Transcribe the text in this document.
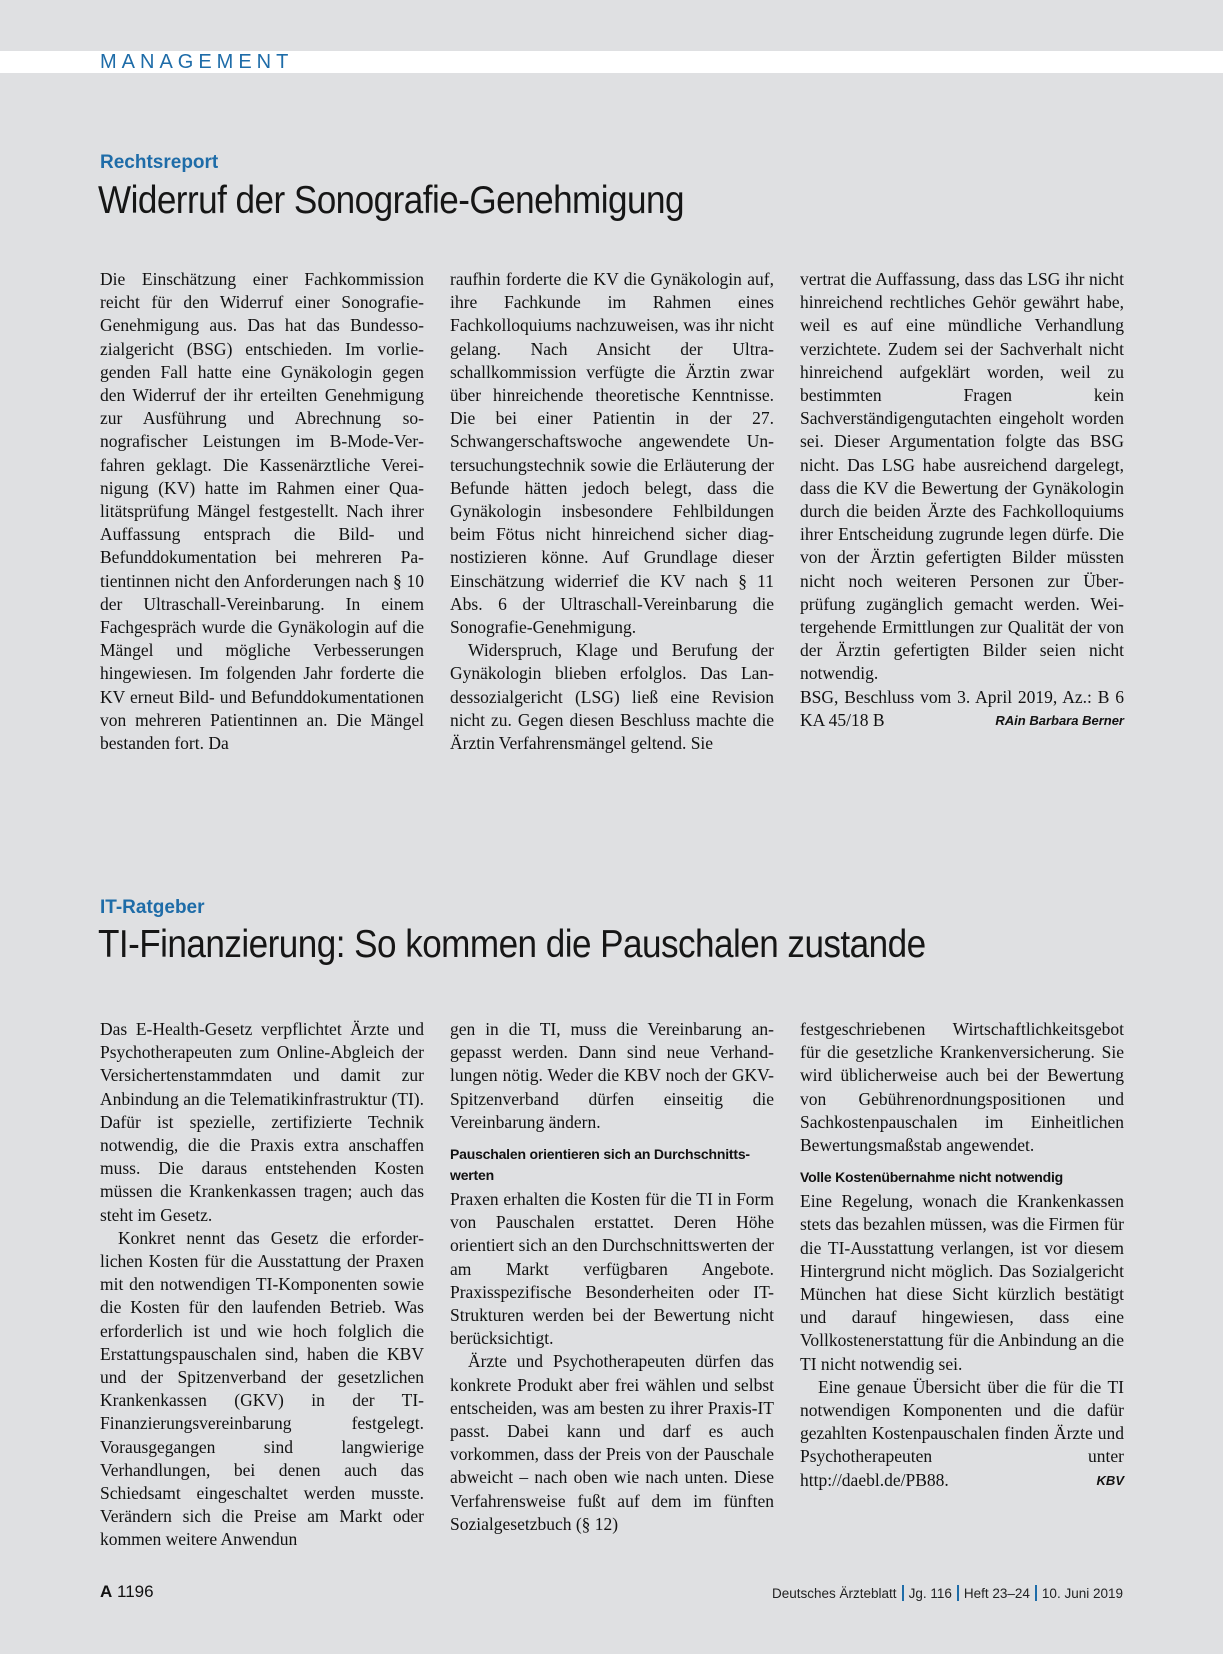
MANAGEMENT

Rechtsreport

Widerruf der Sonografie-Genehmigung

Die Einschätzung einer Fachkommission reicht für den Widerruf einer Sonografie-Genehmigung aus. Das hat das Bundessozialgericht (BSG) entschieden. Im vorliegenden Fall hatte eine Gynäkologin gegen den Widerruf der ihr erteilten Genehmigung zur Ausführung und Abrechnung sonografischer Leistungen im B-Mode-Verfahren geklagt. Die Kassenärztliche Vereinigung (KV) hatte im Rahmen einer Qualitätsprüfung Mängel festgestellt. Nach ihrer Auffassung entsprach die Bild- und Befunddokumentation bei mehreren Patientinnen nicht den Anforderungen nach § 10 der Ultraschall-Vereinbarung. In einem Fachgespräch wurde die Gynäkologin auf die Mängel und mögliche Verbesserungen hingewiesen. Im folgenden Jahr forderte die KV erneut Bild- und Befunddokumentationen von mehreren Patientinnen an. Die Mängel bestanden fort. Da

raufhin forderte die KV die Gynäkologin auf, ihre Fachkunde im Rahmen eines Fachkolloquiums nachzuweisen, was ihr nicht gelang. Nach Ansicht der Ultraschallkommission verfügte die Ärztin zwar über hinreichende theoretische Kenntnisse. Die bei einer Patientin in der 27. Schwangerschaftswoche angewendete Untersuchungstechnik sowie die Erläuterung der Befunde hätten jedoch belegt, dass die Gynäkologin insbesondere Fehlbildungen beim Fötus nicht hinreichend sicher diagnostizieren könne. Auf Grundlage dieser Einschätzung widerrief die KV nach § 11 Abs. 6 der Ultraschall-Vereinbarung die Sonografie-Genehmigung.

Widerspruch, Klage und Berufung der Gynäkologin blieben erfolglos. Das Landessozialgericht (LSG) ließ eine Revision nicht zu. Gegen diesen Beschluss machte die Ärztin Verfahrensmängel geltend. Sie

vertrat die Auffassung, dass das LSG ihr nicht hinreichend rechtliches Gehör gewährt habe, weil es auf eine mündliche Verhandlung verzichtete. Zudem sei der Sachverhalt nicht hinreichend aufgeklärt worden, weil zu bestimmten Fragen kein Sachverständigengutachten eingeholt worden sei. Dieser Argumentation folgte das BSG nicht. Das LSG habe ausreichend dargelegt, dass die KV die Bewertung der Gynäkologin durch die beiden Ärzte des Fachkolloquiums ihrer Entscheidung zugrunde legen dürfe. Die von der Ärztin gefertigten Bilder müssten nicht noch weiteren Personen zur Überprüfung zugänglich gemacht werden. Weitergehende Ermittlungen zur Qualität der von der Ärztin gefertigten Bilder seien nicht notwendig.

BSG, Beschluss vom 3. April 2019, Az.: B 6 KA 45/18 B	RAin Barbara Berner

IT-Ratgeber

TI-Finanzierung: So kommen die Pauschalen zustande

Das E-Health-Gesetz verpflichtet Ärzte und Psychotherapeuten zum Online-Abgleich der Versichertenstammdaten und damit zur Anbindung an die Telematikinfrastruktur (TI). Dafür ist spezielle, zertifizierte Technik notwendig, die die Praxis extra anschaffen muss. Die daraus entstehenden Kosten müssen die Krankenkassen tragen; auch das steht im Gesetz.

Konkret nennt das Gesetz die erforderlichen Kosten für die Ausstattung der Praxen mit den notwendigen TI-Komponenten sowie die Kosten für den laufenden Betrieb. Was erforderlich ist und wie hoch folglich die Erstattungspauschalen sind, haben die KBV und der Spitzenverband der gesetzlichen Krankenkassen (GKV) in der TI-Finanzierungsvereinbarung festgelegt. Vorausgegangen sind langwierige Verhandlungen, bei denen auch das Schiedsamt eingeschaltet werden musste. Verändern sich die Preise am Markt oder kommen weitere Anwendun

gen in die TI, muss die Vereinbarung angepasst werden. Dann sind neue Verhandlungen nötig. Weder die KBV noch der GKV-Spitzenverband dürfen einseitig die Vereinbarung ändern.

Pauschalen orientieren sich an Durchschnittswerten

Praxen erhalten die Kosten für die TI in Form von Pauschalen erstattet. Deren Höhe orientiert sich an den Durchschnittswerten der am Markt verfügbaren Angebote. Praxisspezifische Besonderheiten oder IT-Strukturen werden bei der Bewertung nicht berücksichtigt.

Ärzte und Psychotherapeuten dürfen das konkrete Produkt aber frei wählen und selbst entscheiden, was am besten zu ihrer Praxis-IT passt. Dabei kann und darf es auch vorkommen, dass der Preis von der Pauschale abweicht – nach oben wie nach unten. Diese Verfahrensweise fußt auf dem im fünften Sozialgesetzbuch (§ 12)

festgeschriebenen Wirtschaftlichkeitsgebot für die gesetzliche Krankenversicherung. Sie wird üblicherweise auch bei der Bewertung von Gebührenordnungspositionen und Sachkostenpauschalen im Einheitlichen Bewertungsmaßstab angewendet.

Volle Kostenübernahme nicht notwendig

Eine Regelung, wonach die Krankenkassen stets das bezahlen müssen, was die Firmen für die TI-Ausstattung verlangen, ist vor diesem Hintergrund nicht möglich. Das Sozialgericht München hat diese Sicht kürzlich bestätigt und darauf hingewiesen, dass eine Vollkostenerstattung für die Anbindung an die TI nicht notwendig sei.

Eine genaue Übersicht über die für die TI notwendigen Komponenten und die dafür gezahlten Kostenpauschalen finden Ärzte und Psychotherapeuten unter http://daebl.de/PB88.	KBV

A 1196	Deutsches Ärzteblatt Jg. 116 Heft 23–24 10. Juni 2019
